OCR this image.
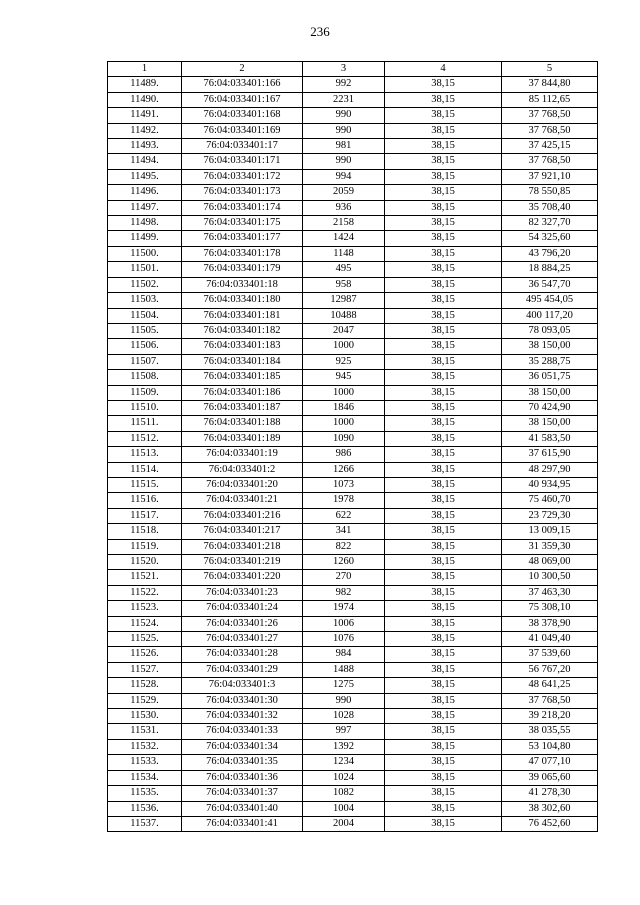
236
1	2	3	4	5
11489.	76:04:033401:166	992	38,15	37 844,80
11490.	76:04:033401:167	2231	38,15	85 112,65
11491.	76:04:033401:168	990	38,15	37 768,50
11492.	76:04:033401:169	990	38,15	37 768,50
11493.	76:04:033401:17	981	38,15	37 425,15
11494.	76:04:033401:171	990	38,15	37 768,50
11495.	76:04:033401:172	994	38,15	37 921,10
11496.	76:04:033401:173	2059	38,15	78 550,85
11497.	76:04:033401:174	936	38,15	35 708,40
11498.	76:04:033401:175	2158	38,15	82 327,70
11499.	76:04:033401:177	1424	38,15	54 325,60
11500.	76:04:033401:178	1148	38,15	43 796,20
11501.	76:04:033401:179	495	38,15	18 884,25
11502.	76:04:033401:18	958	38,15	36 547,70
11503.	76:04:033401:180	12987	38,15	495 454,05
11504.	76:04:033401:181	10488	38,15	400 117,20
11505.	76:04:033401:182	2047	38,15	78 093,05
11506.	76:04:033401:183	1000	38,15	38 150,00
11507.	76:04:033401:184	925	38,15	35 288,75
11508.	76:04:033401:185	945	38,15	36 051,75
11509.	76:04:033401:186	1000	38,15	38 150,00
11510.	76:04:033401:187	1846	38,15	70 424,90
11511.	76:04:033401:188	1000	38,15	38 150,00
11512.	76:04:033401:189	1090	38,15	41 583,50
11513.	76:04:033401:19	986	38,15	37 615,90
11514.	76:04:033401:2	1266	38,15	48 297,90
11515.	76:04:033401:20	1073	38,15	40 934,95
11516.	76:04:033401:21	1978	38,15	75 460,70
11517.	76:04:033401:216	622	38,15	23 729,30
11518.	76:04:033401:217	341	38,15	13 009,15
11519.	76:04:033401:218	822	38,15	31 359,30
11520.	76:04:033401:219	1260	38,15	48 069,00
11521.	76:04:033401:220	270	38,15	10 300,50
11522.	76:04:033401:23	982	38,15	37 463,30
11523.	76:04:033401:24	1974	38,15	75 308,10
11524.	76:04:033401:26	1006	38,15	38 378,90
11525.	76:04:033401:27	1076	38,15	41 049,40
11526.	76:04:033401:28	984	38,15	37 539,60
11527.	76:04:033401:29	1488	38,15	56 767,20
11528.	76:04:033401:3	1275	38,15	48 641,25
11529.	76:04:033401:30	990	38,15	37 768,50
11530.	76:04:033401:32	1028	38,15	39 218,20
11531.	76:04:033401:33	997	38,15	38 035,55
11532.	76:04:033401:34	1392	38,15	53 104,80
11533.	76:04:033401:35	1234	38,15	47 077,10
11534.	76:04:033401:36	1024	38,15	39 065,60
11535.	76:04:033401:37	1082	38,15	41 278,30
11536.	76:04:033401:40	1004	38,15	38 302,60
11537.	76:04:033401:41	2004	38,15	76 452,60
